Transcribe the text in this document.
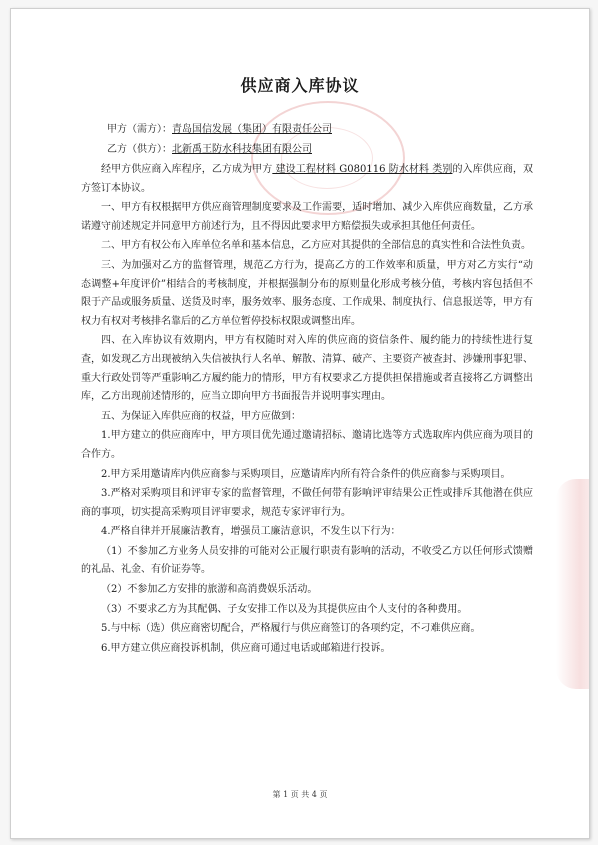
供应商入库协议
甲方（需方）：青岛国信发展（集团）有限责任公司
乙方（供方）：北新禹王防水科技集团有限公司

经甲方供应商入库程序，乙方成为甲方 建设工程材料 G080116 防水材料 类别的入库供应商，双方签订本协议。

一、甲方有权根据甲方供应商管理制度要求及工作需要，适时增加、减少入库供应商数量，乙方承诺遵守前述规定并同意甲方前述行为，且不得因此要求甲方赔偿损失或承担其他任何责任。

二、甲方有权公布入库单位名单和基本信息，乙方应对其提供的全部信息的真实性和合法性负责。

三、为加强对乙方的监督管理，规范乙方行为，提高乙方的工作效率和质量，甲方对乙方实行“动态调整+年度评价”相结合的考核制度，并根据强制分布的原则量化形成考核分值，考核内容包括但不限于产品或服务质量、送货及时率，服务效率、服务态度、工作成果、制度执行、信息报送等，甲方有权力有权对考核排名靠后的乙方单位暂停投标权限或调整出库。

四、在入库协议有效期内，甲方有权随时对入库的供应商的资信条件、履约能力的持续性进行复查，如发现乙方出现被纳入失信被执行人名单、解散、清算、破产、主要资产被查封、涉嫌刑事犯罪、重大行政处罚等严重影响乙方履约能力的情形，甲方有权要求乙方提供担保措施或者直接将乙方调整出库，乙方出现前述情形的，应当立即向甲方书面报告并说明事实理由。

五、为保证入库供应商的权益，甲方应做到：

1.甲方建立的供应商库中，甲方项目优先通过邀请招标、邀请比选等方式选取库内供应商为项目的合作方。

2.甲方采用邀请库内供应商参与采购项目，应邀请库内所有符合条件的供应商参与采购项目。

3.严格对采购项目和评审专家的监督管理，不做任何带有影响评审结果公正性或排斥其他潜在供应商的事项，切实提高采购项目评审要求，规范专家评审行为。

4.严格自律并开展廉洁教育，增强员工廉洁意识，不发生以下行为：

（1）不参加乙方业务人员安排的可能对公正履行职责有影响的活动，不收受乙方以任何形式馈赠的礼品、礼金、有价证券等。

（2）不参加乙方安排的旅游和高消费娱乐活动。

（3）不要求乙方为其配偶、子女安排工作以及为其提供应由个人支付的各种费用。

5.与中标（选）供应商密切配合，严格履行与供应商签订的各项约定，不刁难供应商。

6.甲方建立供应商投诉机制，供应商可通过电话或邮箱进行投诉。

第 1 页 共 4 页
